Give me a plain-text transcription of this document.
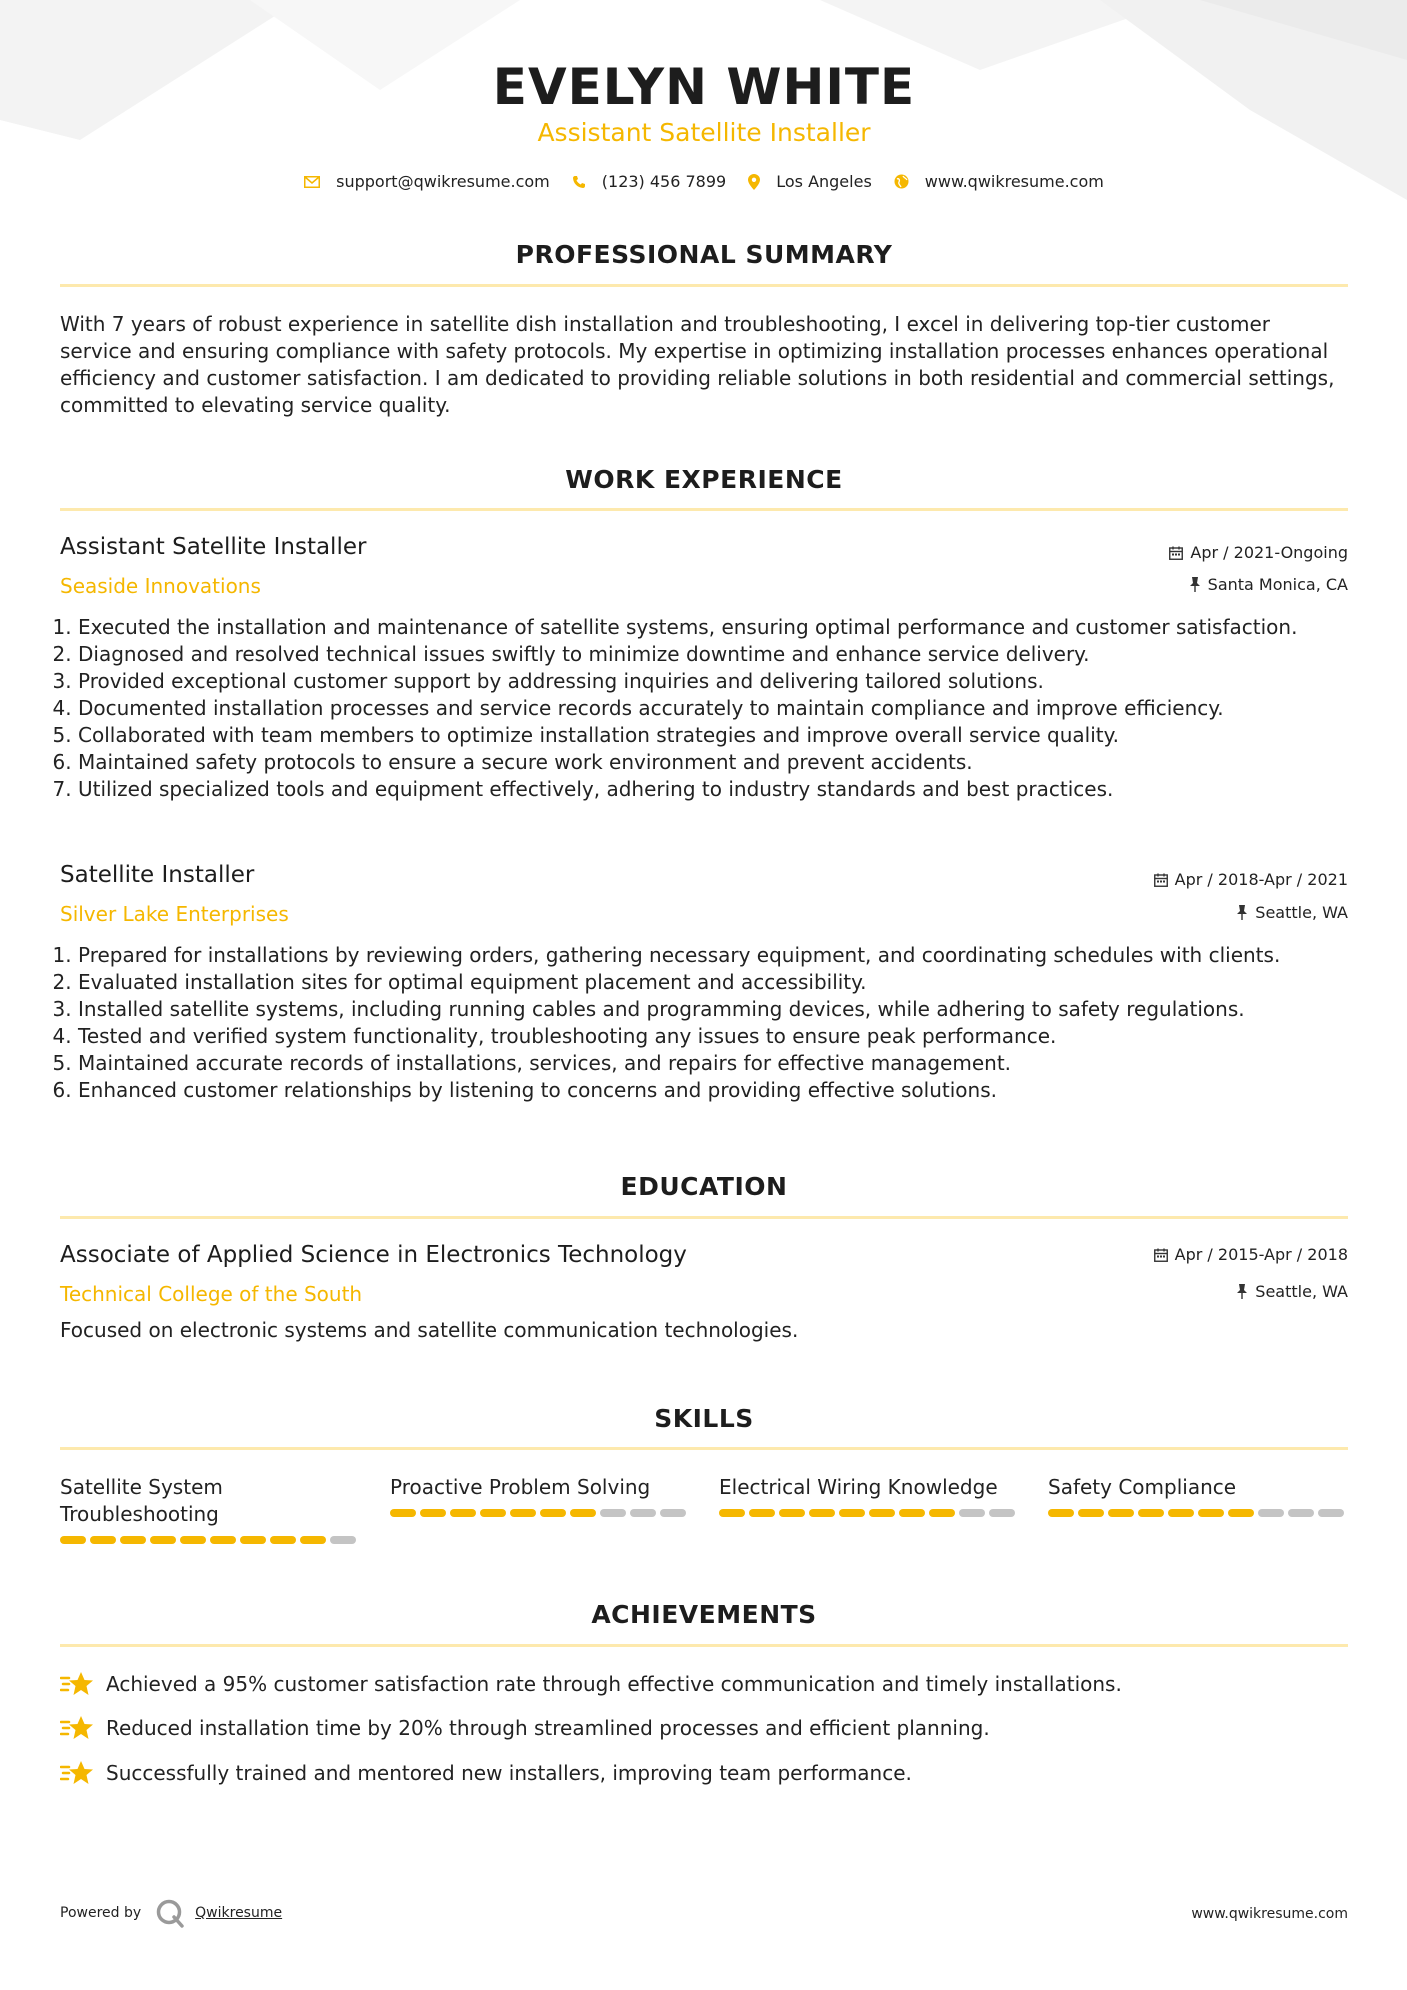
EVELYN WHITE
Assistant Satellite Installer
support@qwikresume.com	(123) 456 7899	Los Angeles	www.qwikresume.com
PROFESSIONAL SUMMARY
With 7 years of robust experience in satellite dish installation and troubleshooting, I excel in delivering top-tier customer service and ensuring compliance with safety protocols. My expertise in optimizing installation processes enhances operational efficiency and customer satisfaction. I am dedicated to providing reliable solutions in both residential and commercial settings, committed to elevating service quality.
WORK EXPERIENCE
Assistant Satellite Installer
Seaside Innovations
Apr / 2021-Ongoing
Santa Monica, CA
1. Executed the installation and maintenance of satellite systems, ensuring optimal performance and customer satisfaction.
2. Diagnosed and resolved technical issues swiftly to minimize downtime and enhance service delivery.
3. Provided exceptional customer support by addressing inquiries and delivering tailored solutions.
4. Documented installation processes and service records accurately to maintain compliance and improve efficiency.
5. Collaborated with team members to optimize installation strategies and improve overall service quality.
6. Maintained safety protocols to ensure a secure work environment and prevent accidents.
7. Utilized specialized tools and equipment effectively, adhering to industry standards and best practices.
Satellite Installer
Silver Lake Enterprises
Apr / 2018-Apr / 2021
Seattle, WA
1. Prepared for installations by reviewing orders, gathering necessary equipment, and coordinating schedules with clients.
2. Evaluated installation sites for optimal equipment placement and accessibility.
3. Installed satellite systems, including running cables and programming devices, while adhering to safety regulations.
4. Tested and verified system functionality, troubleshooting any issues to ensure peak performance.
5. Maintained accurate records of installations, services, and repairs for effective management.
6. Enhanced customer relationships by listening to concerns and providing effective solutions.
EDUCATION
Associate of Applied Science in Electronics Technology
Technical College of the South
Apr / 2015-Apr / 2018
Seattle, WA
Focused on electronic systems and satellite communication technologies.
SKILLS
Satellite System Troubleshooting
Proactive Problem Solving	Electrical Wiring Knowledge	Safety Compliance
ACHIEVEMENTS
Achieved a 95% customer satisfaction rate through effective communication and timely installations.
Reduced installation time by 20% through streamlined processes and efficient planning.
Successfully trained and mentored new installers, improving team performance.
Powered by	Qwikresume	www.qwikresume.com
